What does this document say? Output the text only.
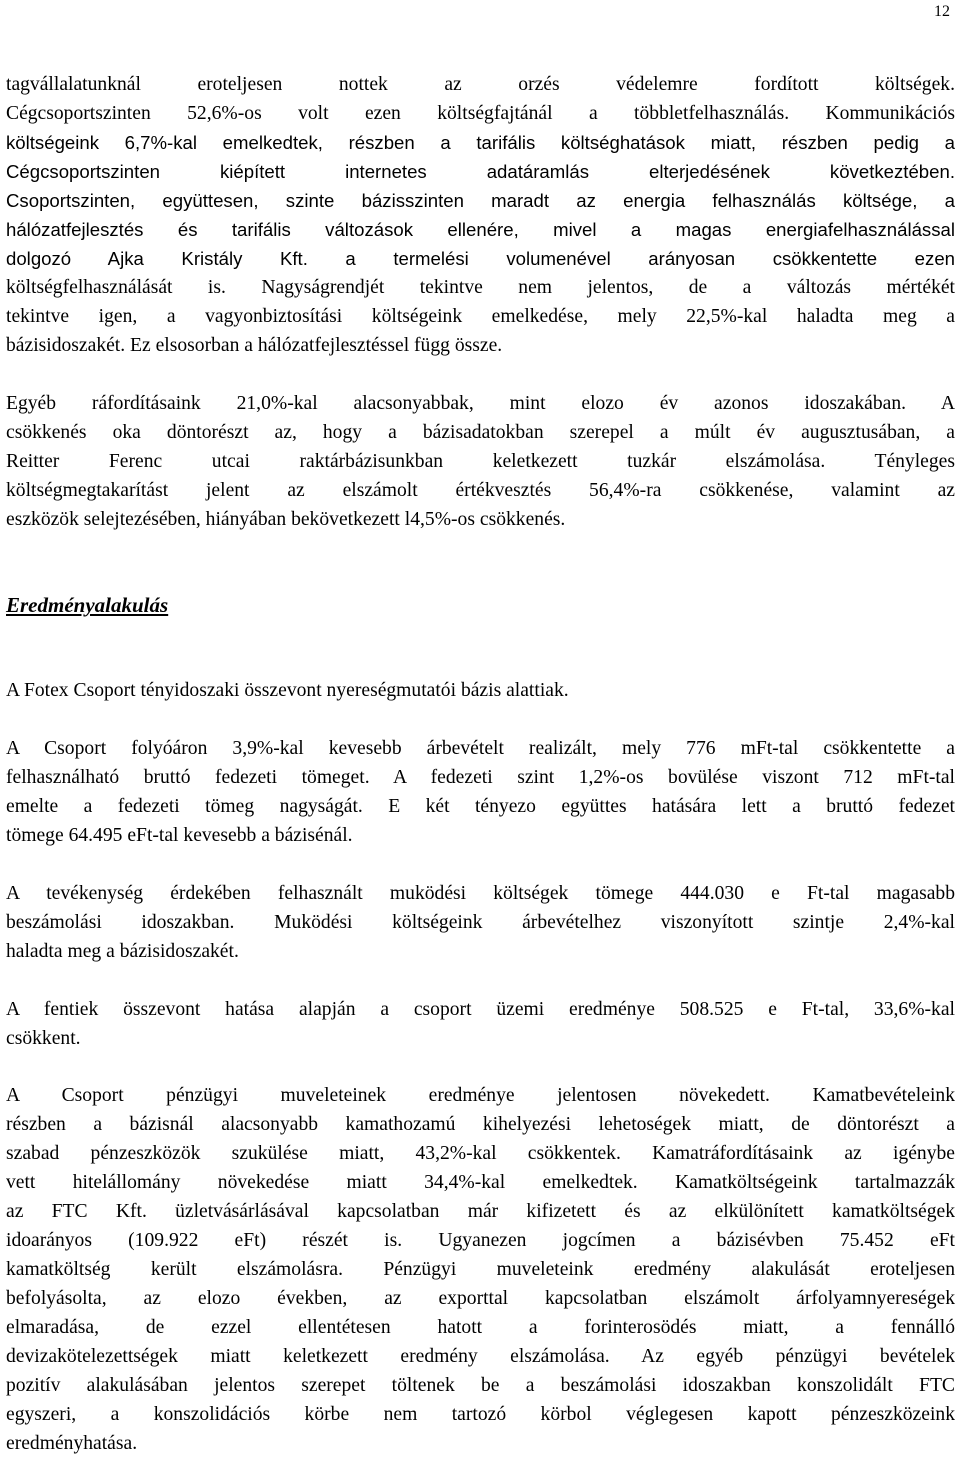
12
tagvállalatunknál eroteljesen nottek az orzés védelemre fordított költségek.
Cégcsoportszinten 52,6%-os volt ezen költségfajtánál a többletfelhasználás. Kommunikációs
költségeink 6,7%-kal emelkedtek, részben a tarifális költséghatások miatt, részben pedig a
Cégcsoportszinten kiépített internetes adatáramlás elterjedésének következtében.
Csoportszinten, együttesen, szinte bázisszinten maradt az energia felhasználás költsége, a
hálózatfejlesztés és tarifális változások ellenére, mivel a magas energiafelhasználással
dolgozó Ajka Kristály Kft. a termelési volumenével arányosan csökkentette ezen
költségfelhasználását is. Nagyságrendjét tekintve nem jelentos, de a változás mértékét
tekintve igen, a vagyonbiztosítási költségeink emelkedése, mely 22,5%-kal haladta meg a
bázisidoszakét. Ez elsosorban a hálózatfejlesztéssel függ össze.
Egyéb ráfordításaink 21,0%-kal alacsonyabbak, mint elozo év azonos idoszakában. A
csökkenés oka döntorészt az, hogy a bázisadatokban szerepel a múlt év augusztusában, a
Reitter Ferenc utcai raktárbázisunkban keletkezett tuzkár elszámolása. Tényleges
költségmegtakarítást jelent az elszámolt értékvesztés 56,4%-ra csökkenése, valamint az
eszközök selejtezésében, hiányában bekövetkezett l4,5%-os csökkenés.
Eredményalakulás
A Fotex Csoport tényidoszaki összevont nyereségmutatói bázis alattiak.
A Csoport folyóáron 3,9%-kal kevesebb árbevételt realizált, mely 776 mFt-tal csökkentette a
felhasználható bruttó fedezeti tömeget. A fedezeti szint 1,2%-os bovülése viszont 712 mFt-tal
emelte a fedezeti tömeg nagyságát. E két tényezo együttes hatására lett a bruttó fedezet
tömege 64.495 eFt-tal kevesebb a bázisénál.
A tevékenység érdekében felhasznált muködési költségek tömege 444.030 e Ft-tal magasabb
beszámolási idoszakban. Muködési költségeink árbevételhez viszonyított szintje 2,4%-kal
haladta meg a bázisidoszakét.
A fentiek összevont hatása alapján a csoport üzemi eredménye 508.525 e Ft-tal, 33,6%-kal
csökkent.
A Csoport pénzügyi muveleteinek eredménye jelentosen növekedett. Kamatbevételeink
részben a bázisnál alacsonyabb kamathozamú kihelyezési lehetoségek miatt, de döntorészt a
szabad pénzeszközök szukülése miatt, 43,2%-kal csökkentek. Kamatráfordításaink az igénybe
vett hitelállomány növekedése miatt 34,4%-kal emelkedtek. Kamatköltségeink tartalmazzák
az FTC Kft. üzletvásárlásával kapcsolatban már kifizetett és az elkülönített kamatköltségek
idoarányos (109.922 eFt) részét is. Ugyanezen jogcímen a bázisévben 75.452 eFt
kamatköltség került elszámolásra. Pénzügyi muveleteink eredmény alakulását eroteljesen
befolyásolta, az elozo években, az exporttal kapcsolatban elszámolt árfolyamnyereségek
elmaradása, de ezzel ellentétesen hatott a forinterosödés miatt, a fennálló
devizakötelezettségek miatt keletkezett eredmény elszámolása. Az egyéb pénzügyi bevételek
pozitív alakulásában jelentos szerepet töltenek be a beszámolási idoszakban konszolidált FTC
egyszeri, a konszolidációs körbe nem tartozó körbol véglegesen kapott pénzeszközeink
eredményhatása.
